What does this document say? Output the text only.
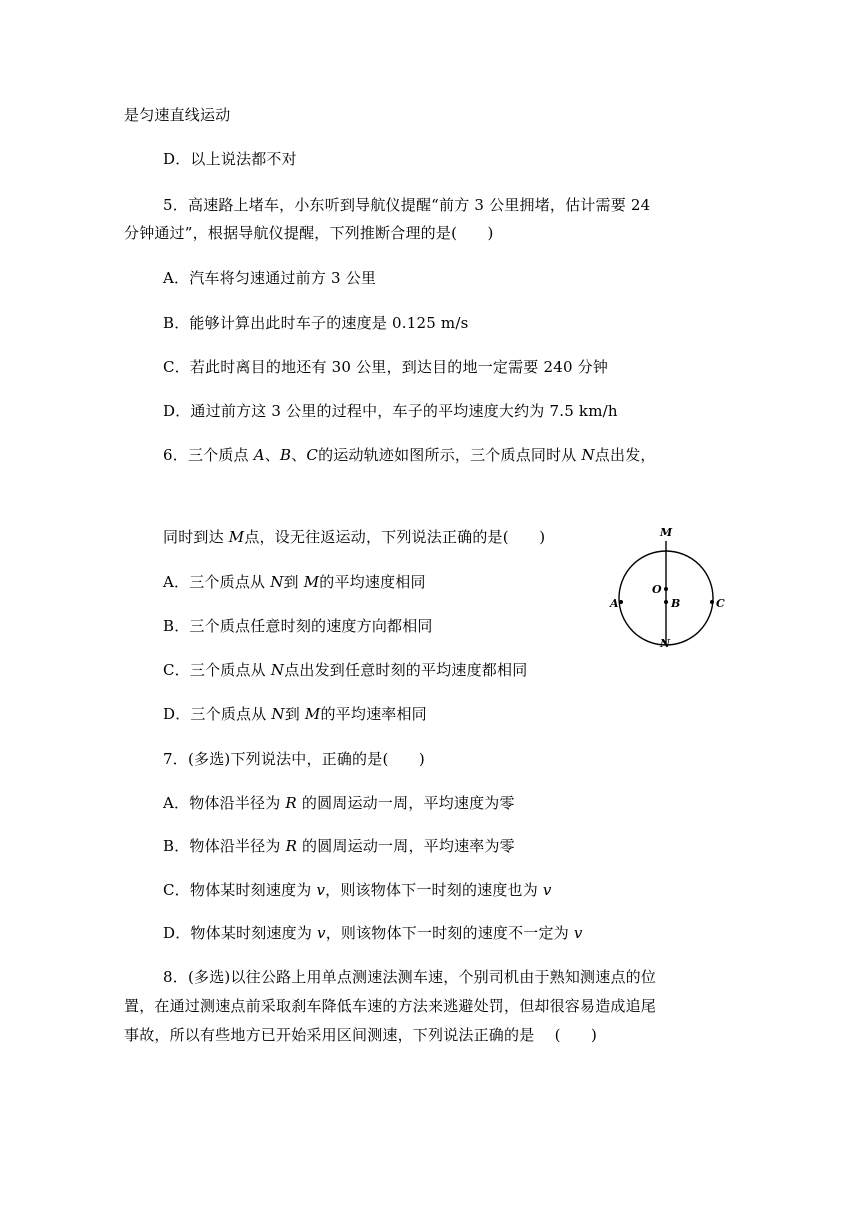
是匀速直线运动
D．以上说法都不对
5．高速路上堵车，小东听到导航仪提醒“前方 3 公里拥堵，估计需要 24
分钟通过”，根据导航仪提醒，下列推断合理的是(　　)
A．汽车将匀速通过前方 3 公里
B．能够计算出此时车子的速度是 0.125 m/s
C．若此时离目的地还有 30 公里，到达目的地一定需要 240 分钟
D．通过前方这 3 公里的过程中，车子的平均速度大约为 7.5 km/h
6．三个质点 A、B、C的运动轨迹如图所示，三个质点同时从 N点出发，
同时到达 M点，设无往返运动，下列说法正确的是(　　)
A．三个质点从 N到 M的平均速度相同
B．三个质点任意时刻的速度方向都相同
C．三个质点从 N点出发到任意时刻的平均速度都相同
D．三个质点从 N到 M的平均速率相同
7．(多选)下列说法中，正确的是(　　)
A．物体沿半径为 R 的圆周运动一周，平均速度为零
B．物体沿半径为 R 的圆周运动一周，平均速率为零
C．物体某时刻速度为 v，则该物体下一时刻的速度也为 v
D．物体某时刻速度为 v，则该物体下一时刻的速度不一定为 v
8．(多选)以往公路上用单点测速法测车速，个别司机由于熟知测速点的位
置，在通过测速点前采取刹车降低车速的方法来逃避处罚，但却很容易造成追尾
事故，所以有些地方已开始采用区间测速，下列说法正确的是　 (　　)
M
N
O
B
A	C
